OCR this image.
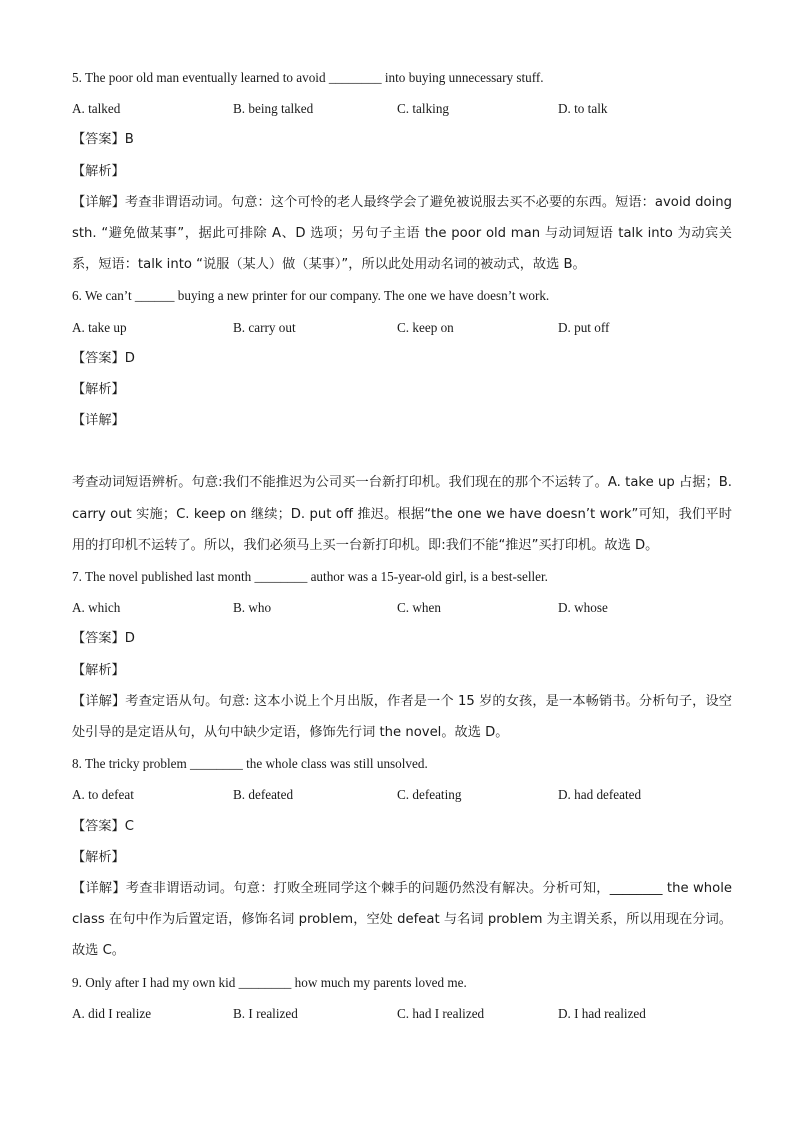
5. The poor old man eventually learned to avoid ________ into buying unnecessary stuff.
A. talked	B. being talked	C. talking	D. to talk
【答案】B
【解析】
【详解】考查非谓语动词。句意：这个可怜的老人最终学会了避免被说服去买不必要的东西。短语：avoid doing sth. “避免做某事”，据此可排除 A、D 选项；另句子主语 the poor old man 与动词短语 talk into 为动宾关系，短语：talk into “说服（某人）做（某事）”，所以此处用动名词的被动式，故选 B。
6. We can’t ______ buying a new printer for our company. The one we have doesn’t work.
A. take up	B. carry out	C. keep on	D. put off
【答案】D
【解析】
【详解】
考查动词短语辨析。句意:我们不能推迟为公司买一台新打印机。我们现在的那个不运转了。A. take up 占据；B. carry out 实施；C. keep on 继续；D. put off 推迟。根据“the one we have doesn’t work”可知，我们平时用的打印机不运转了。所以，我们必须马上买一台新打印机。即:我们不能“推迟”买打印机。故选 D。
7. The novel published last month ________ author was a 15-year-old girl, is a best-seller.
A. which	B. who	C. when	D. whose
【答案】D
【解析】
【详解】考查定语从句。句意: 这本小说上个月出版，作者是一个 15 岁的女孩，是一本畅销书。分析句子，设空处引导的是定语从句，从句中缺少定语，修饰先行词 the novel。故选 D。
8. The tricky problem ________ the whole class was still unsolved.
A. to defeat	B. defeated	C. defeating	D. had defeated
【答案】C
【解析】
【详解】考查非谓语动词。句意：打败全班同学这个棘手的问题仍然没有解决。分析可知，________ the whole class 在句中作为后置定语，修饰名词 problem，空处 defeat 与名词 problem 为主谓关系，所以用现在分词。故选 C。
9. Only after I had my own kid ________ how much my parents loved me.
A. did I realize	B. I realized	C. had I realized	D. I had realized
